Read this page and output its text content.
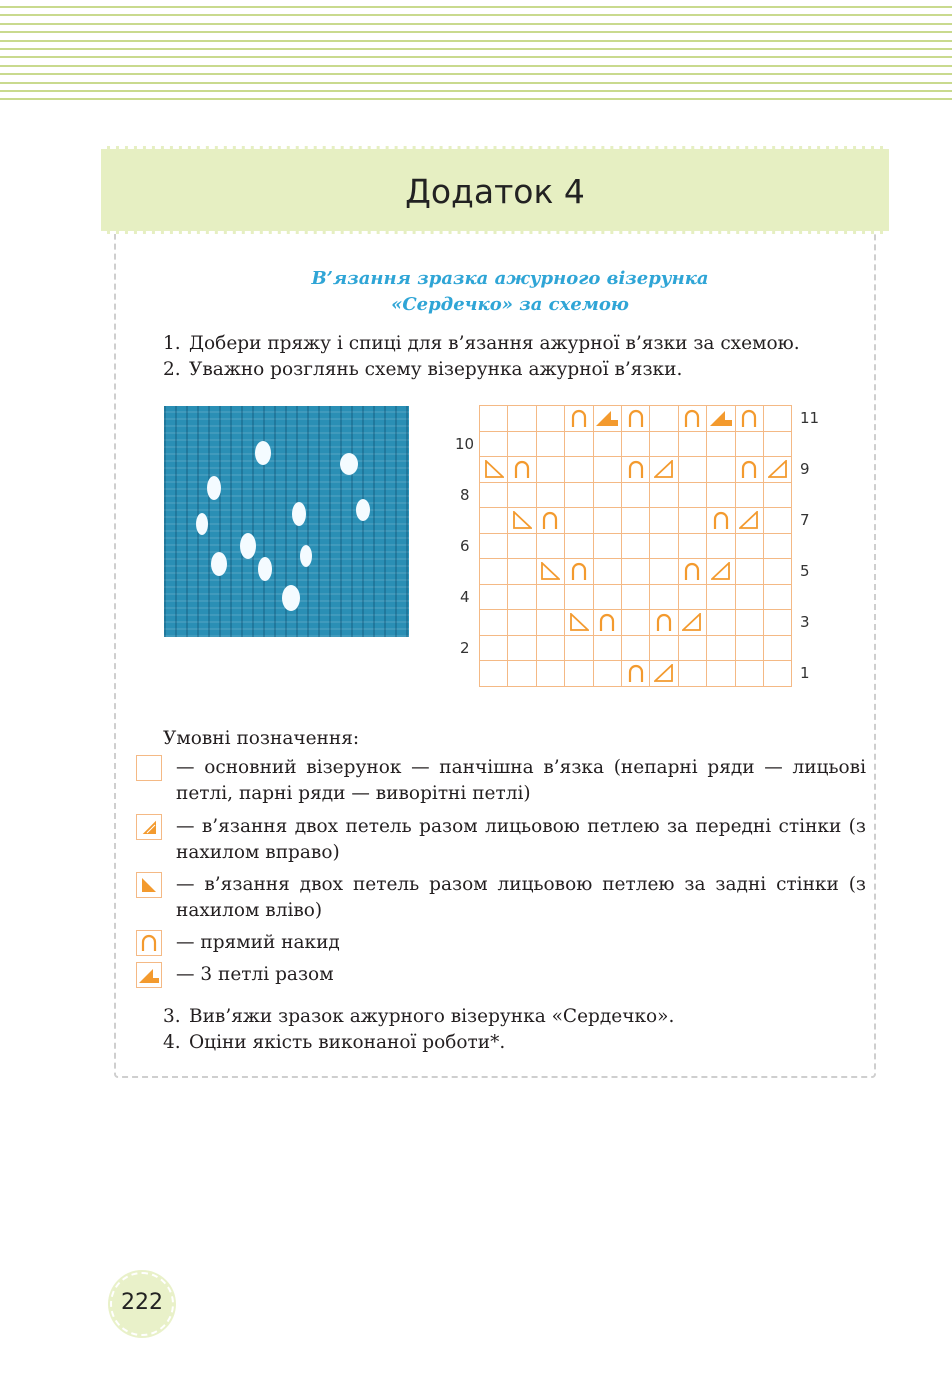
Додаток 4
В’язання зразка ажурного візерунка
«Сердечко» за схемою
1. Добери пряжу і спиці для в’язання ажурної в’язки за схемою.
2. Уважно розглянь схему візерунка ажурної в’язки.
Умовні позначення:
— основний візерунок — панчішна в’язка (непарні ряди — лицьові петлі, парні ряди — виворітні петлі)
— в’язання двох петель разом лицьовою петлею за передні стінки (з нахилом вправо)
— в’язання двох петель разом лицьовою петлею за задні стінки (з нахилом вліво)
— прямий накид
— 3 петлі разом
3. Вив’яжи зразок ажурного візерунка «Сердечко».
4. Оціни якість виконаної роботи*.
222
11
9
7
5
3
1
10
8
6
4
2
